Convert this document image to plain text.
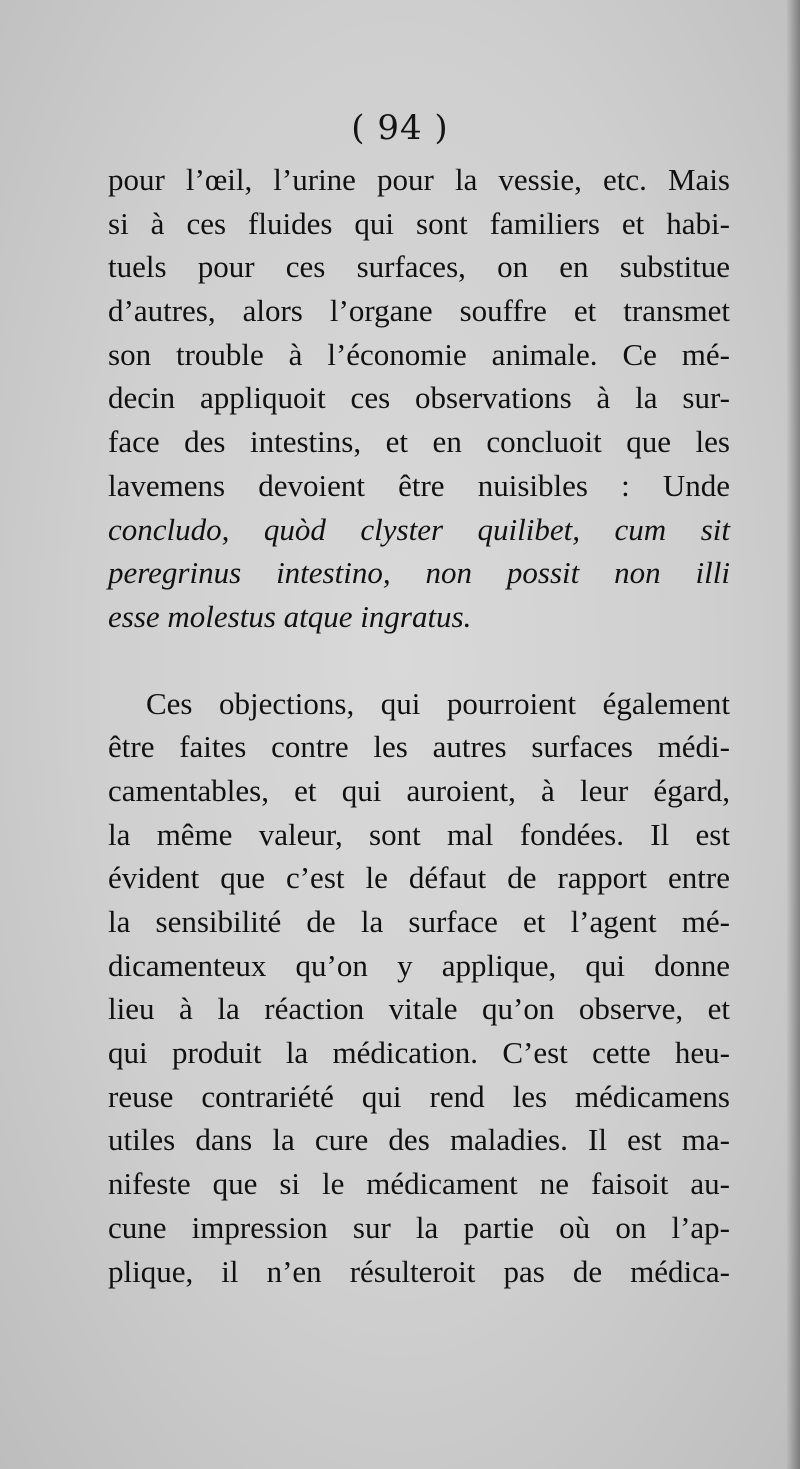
( 94 )
pour l’œil, l’urine pour la vessie, etc. Mais
si à ces fluides qui sont familiers et habi-
tuels pour ces surfaces, on en substitue
d’autres, alors l’organe souffre et transmet
son trouble à l’économie animale. Ce mé-
decin appliquoit ces observations à la sur-
face des intestins, et en concluoit que les
lavemens devoient être nuisibles : Unde
concludo, quòd clyster quilibet, cum sit
peregrinus intestino, non possit non illi
esse molestus atque ingratus.
Ces objections, qui pourroient également
être faites contre les autres surfaces médi-
camentables, et qui auroient, à leur égard,
la même valeur, sont mal fondées. Il est
évident que c’est le défaut de rapport entre
la sensibilité de la surface et l’agent mé-
dicamenteux qu’on y applique, qui donne
lieu à la réaction vitale qu’on observe, et
qui produit la médication. C’est cette heu-
reuse contrariété qui rend les médicamens
utiles dans la cure des maladies. Il est ma-
nifeste que si le médicament ne faisoit au-
cune impression sur la partie où on l’ap-
plique, il n’en résulteroit pas de médica-
